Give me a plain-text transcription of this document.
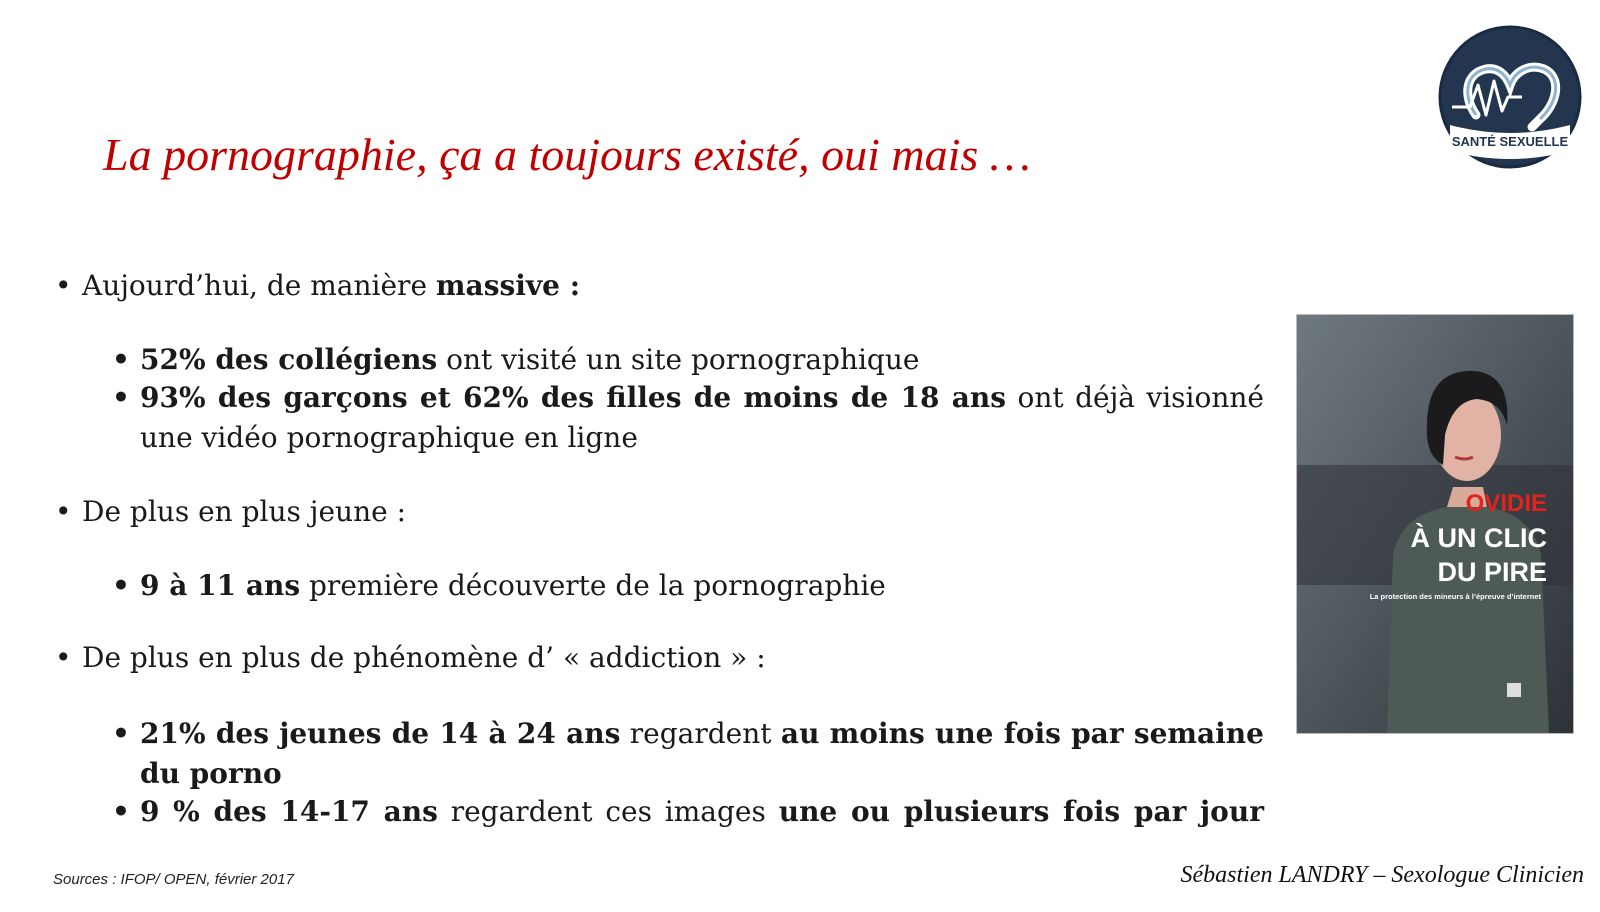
La pornographie, ça a toujours existé, oui mais …	SANTÉ SEXUELLE
• Aujourd’hui, de manière massive :
• 52% des collégiens ont visité un site pornographique
• 93% des garçons et 62% des filles de moins de 18 ans ont déjà visionné une vidéo pornographique en ligne
• De plus en plus jeune :
• 9 à 11 ans première découverte de la pornographie
• De plus en plus de phénomène d’ « addiction » :
• 21% des jeunes de 14 à 24 ans regardent au moins une fois par semaine du porno
• 9 % des 14-17 ans regardent ces images une ou plusieurs fois par jour
OVIDIE
À UN CLIC
DU PIRE
La protection des mineurs à l’épreuve d’internet
Sources : IFOP/ OPEN, février 2017	Sébastien LANDRY – Sexologue Clinicien
